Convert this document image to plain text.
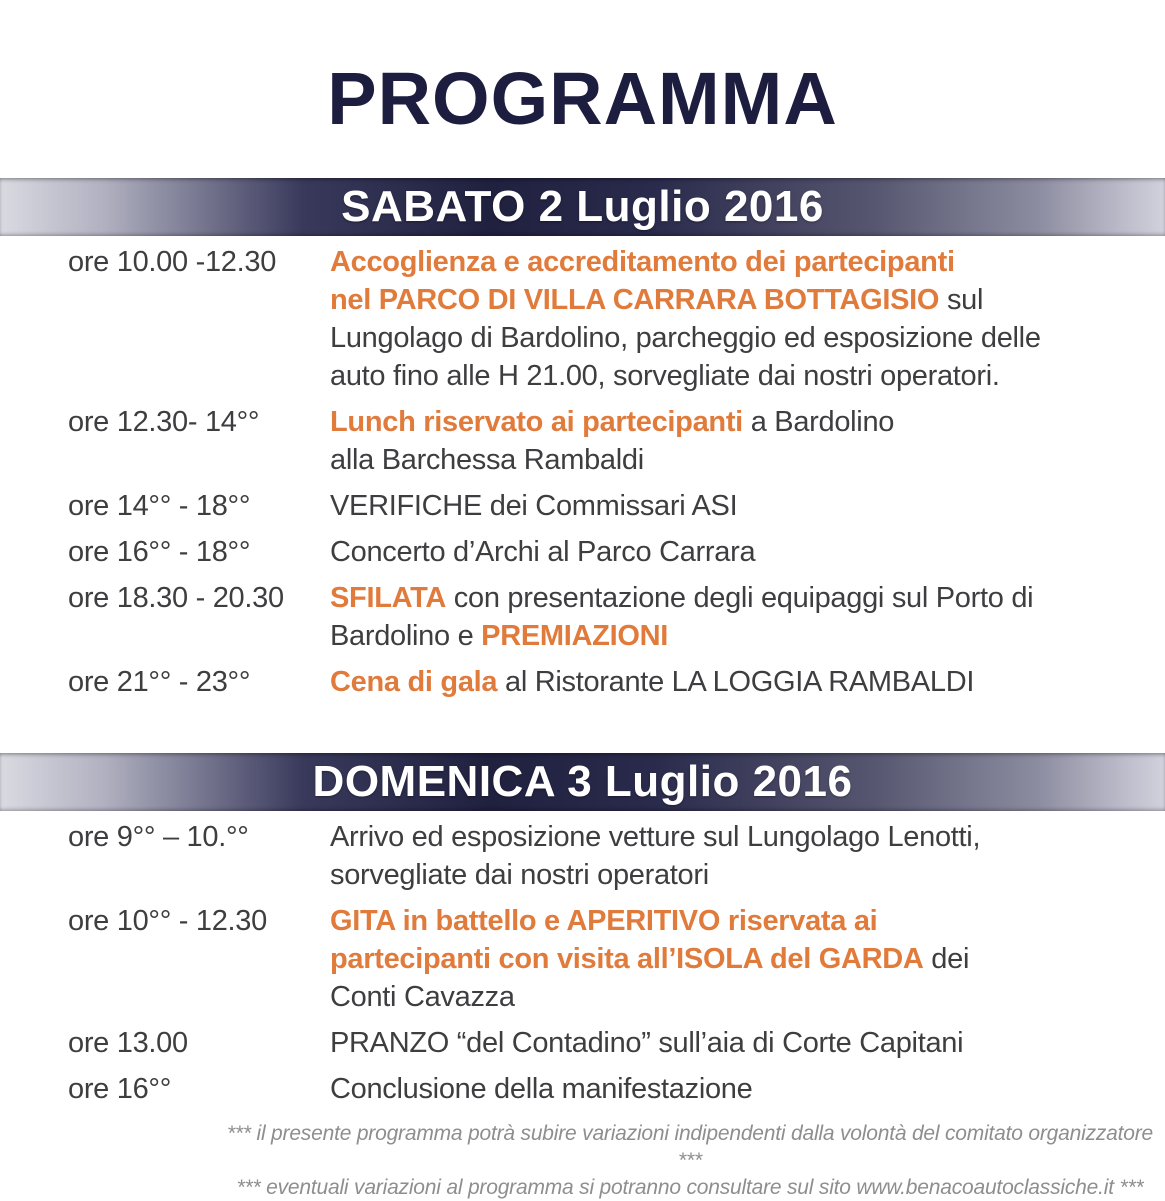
PROGRAMMA
SABATO 2 Luglio 2016
ore 10.00 -12.30	Accoglienza e accreditamento dei partecipanti
nel PARCO DI VILLA CARRARA BOTTAGISIO sul
Lungolago di Bardolino, parcheggio ed esposizione delle
auto fino alle H 21.00, sorvegliate dai nostri operatori.
ore 12.30- 14°°	Lunch riservato ai partecipanti a Bardolino
alla Barchessa Rambaldi
ore 14°° - 18°°	VERIFICHE dei Commissari ASI
ore 16°° - 18°°	Concerto d’Archi al Parco Carrara
ore 18.30 - 20.30	SFILATA con presentazione degli equipaggi sul Porto di
Bardolino e PREMIAZIONI
ore 21°° - 23°°	Cena di gala al Ristorante LA LOGGIA RAMBALDI
DOMENICA 3 Luglio 2016
ore 9°° – 10.°°	Arrivo ed esposizione vetture sul Lungolago Lenotti,
sorvegliate dai nostri operatori
ore 10°° - 12.30	GITA in battello e APERITIVO riservata ai
partecipanti con visita all’ISOLA del GARDA dei
Conti Cavazza
ore 13.00	PRANZO “del Contadino” sull’aia di Corte Capitani
ore 16°°	Conclusione della manifestazione
*** il presente programma potrà subire variazioni indipendenti dalla volontà del comitato organizzatore ***
*** eventuali variazioni al programma si potranno consultare sul sito www.benacoautoclassiche.it ***
